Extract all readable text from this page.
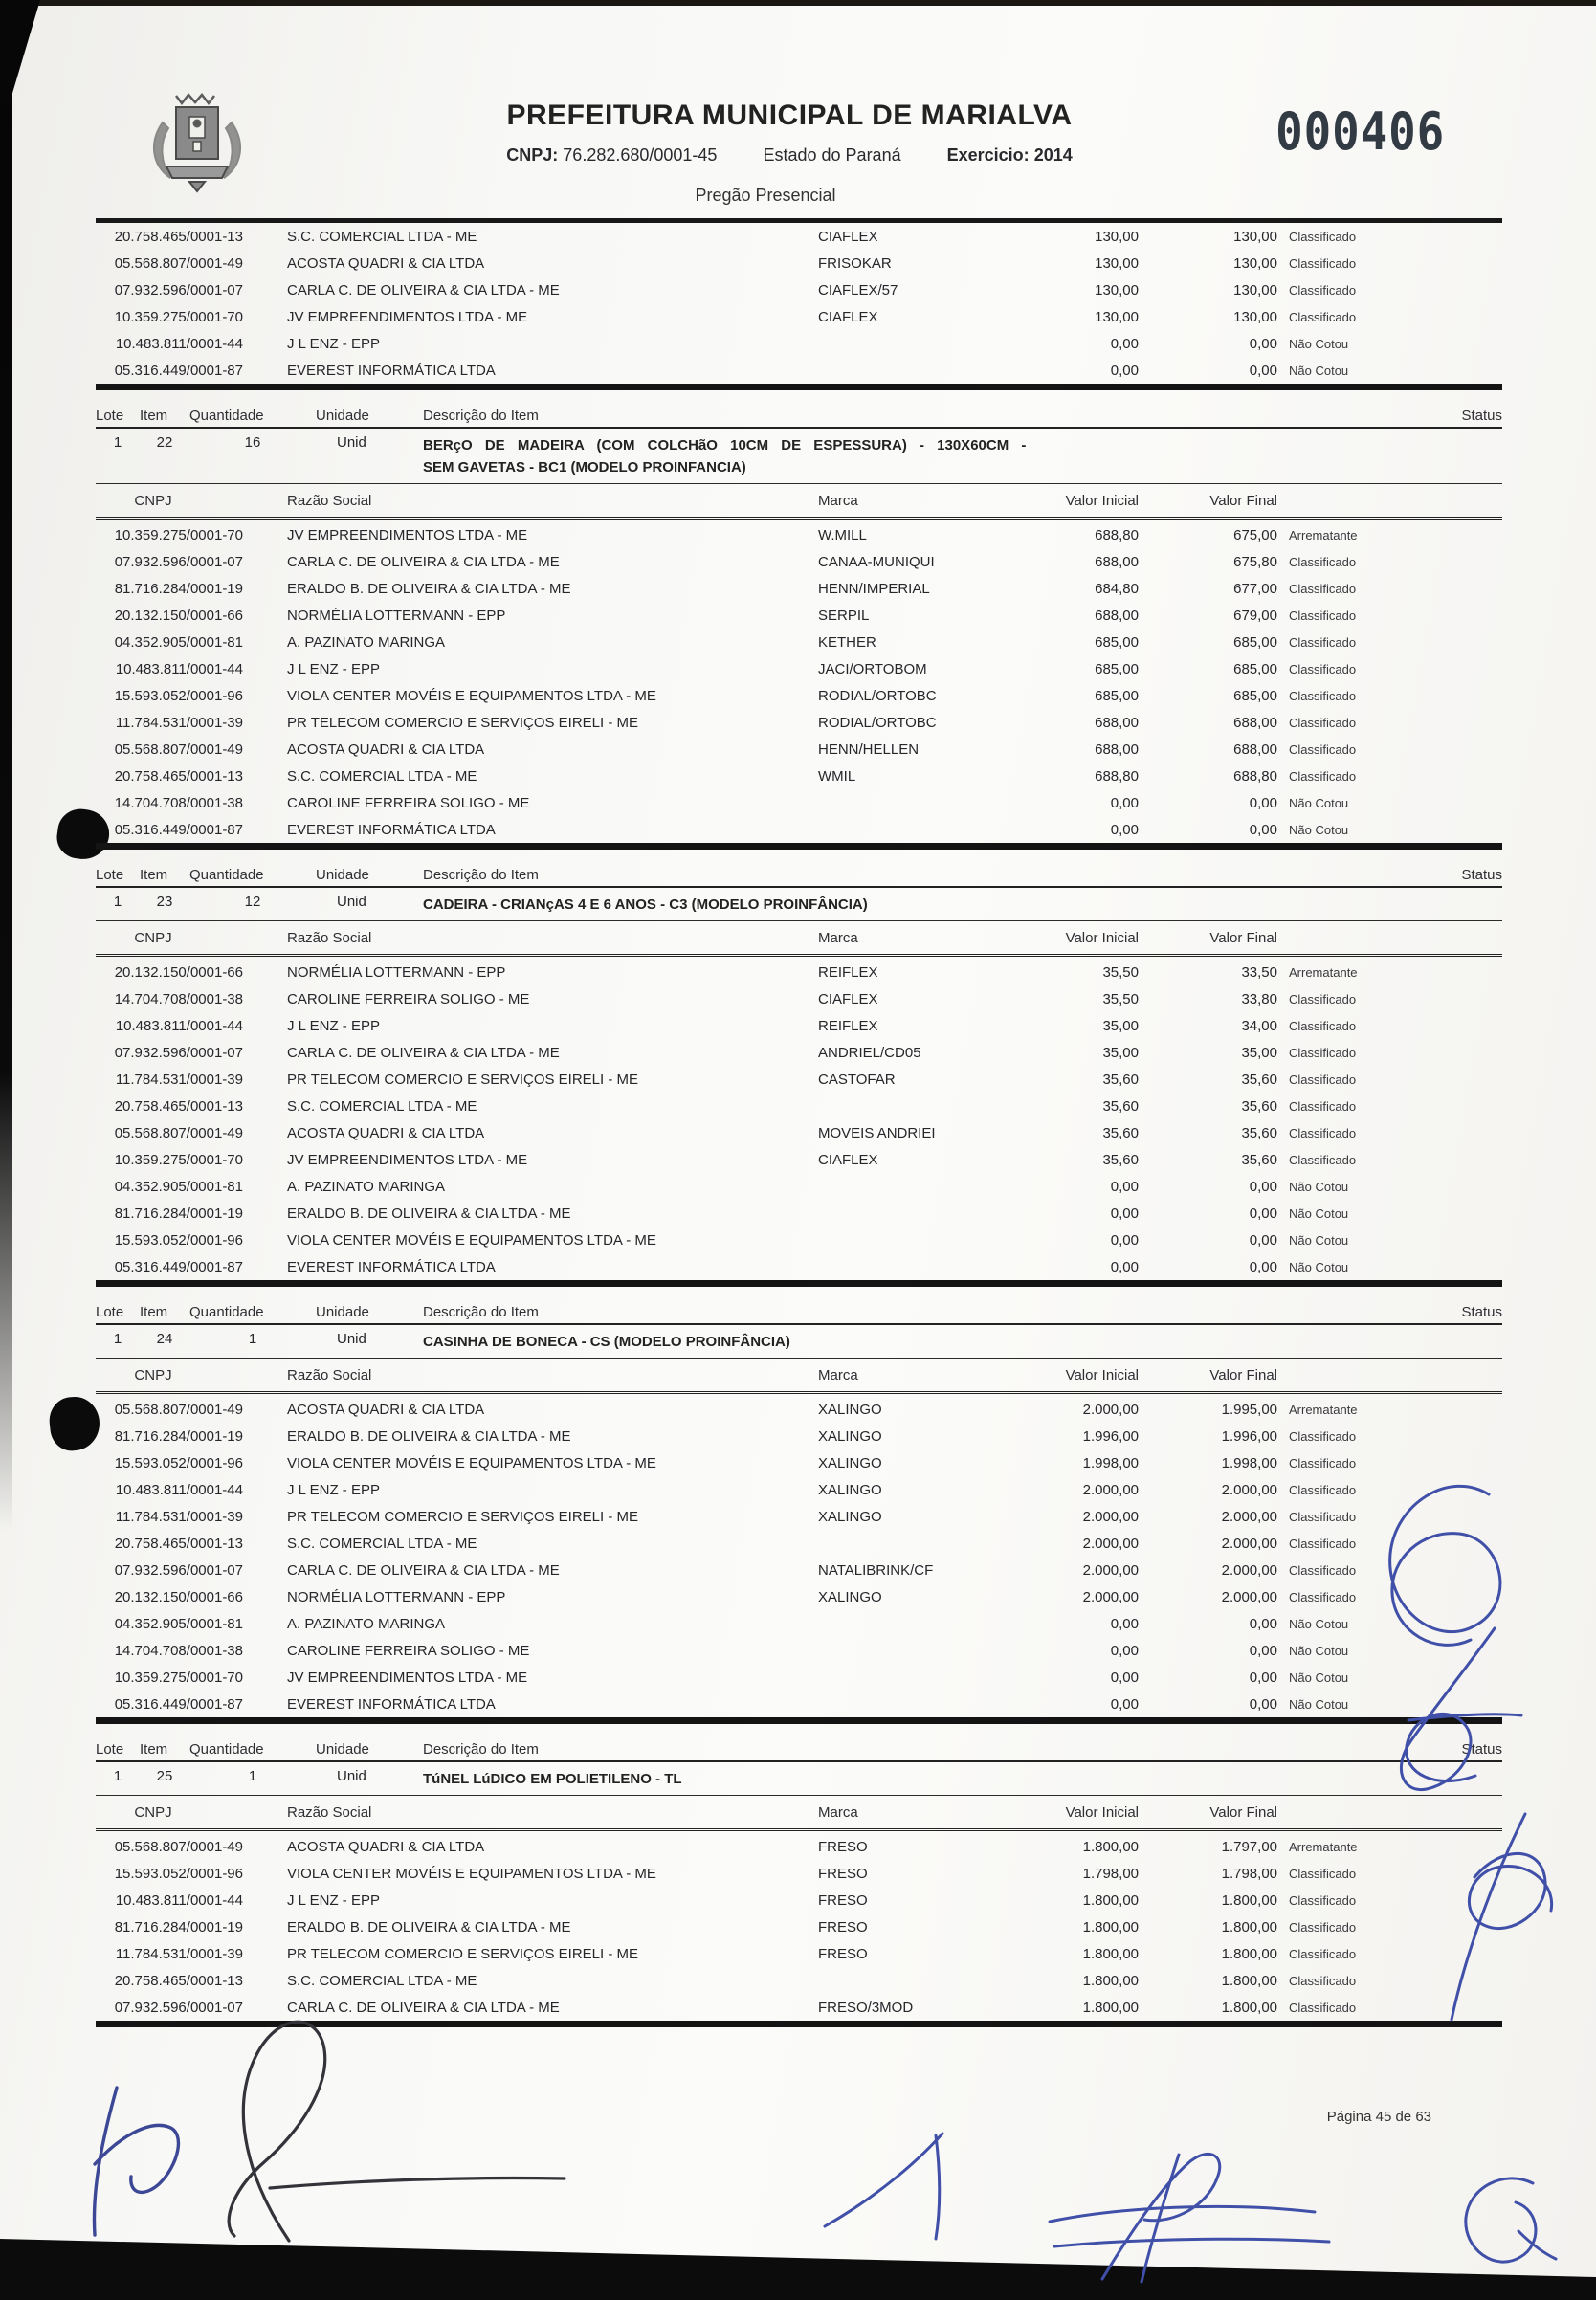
PREFEITURA MUNICIPAL DE MARIALVA
CNPJ: 76.282.680/0001-45	Estado do Paraná	Exercicio: 2014	000406
Pregão Presencial
20.758.465/0001-13	S.C. COMERCIAL LTDA - ME	CIAFLEX	130,00	130,00 Classificado
05.568.807/0001-49	ACOSTA QUADRI & CIA LTDA	FRISOKAR	130,00	130,00 Classificado
07.932.596/0001-07	CARLA C. DE OLIVEIRA & CIA LTDA - ME	CIAFLEX/57	130,00	130,00 Classificado
10.359.275/0001-70	JV EMPREENDIMENTOS LTDA - ME	CIAFLEX	130,00	130,00 Classificado
10.483.811/0001-44	J L ENZ - EPP	0,00	0,00 Não Cotou
05.316.449/0001-87	EVEREST INFORMÁTICA LTDA	0,00	0,00 Não Cotou
Lote	Item	Quantidade	Unidade	Descrição do Item	Status
1	22	16	Unid	BERçO DE MADEIRA (COM COLCHãO 10CM DE ESPESSURA) - 130X60CM -
SEM GAVETAS - BC1 (MODELO PROINFANCIA)
CNPJ	Razão Social	Marca	Valor Inicial	Valor Final
10.359.275/0001-70	JV EMPREENDIMENTOS LTDA - ME	W.MILL	688,80	675,00 Arrematante
07.932.596/0001-07	CARLA C. DE OLIVEIRA & CIA LTDA - ME	CANAA-MUNIQUI	688,00	675,80 Classificado
81.716.284/0001-19	ERALDO B. DE OLIVEIRA & CIA LTDA - ME	HENN/IMPERIAL	684,80	677,00 Classificado
20.132.150/0001-66	NORMÉLIA LOTTERMANN - EPP	SERPIL	688,00	679,00 Classificado
04.352.905/0001-81	A. PAZINATO MARINGA	KETHER	685,00	685,00 Classificado
10.483.811/0001-44	J L ENZ - EPP	JACI/ORTOBOM	685,00	685,00 Classificado
15.593.052/0001-96	VIOLA CENTER MOVÉIS E EQUIPAMENTOS LTDA - ME	RODIAL/ORTOBC	685,00	685,00 Classificado
11.784.531/0001-39	PR TELECOM COMERCIO E SERVIÇOS EIRELI - ME	RODIAL/ORTOBC	688,00	688,00 Classificado
05.568.807/0001-49	ACOSTA QUADRI & CIA LTDA	HENN/HELLEN	688,00	688,00 Classificado
20.758.465/0001-13	S.C. COMERCIAL LTDA - ME	WMIL	688,80	688,80 Classificado
14.704.708/0001-38	CAROLINE FERREIRA SOLIGO - ME	0,00	0,00 Não Cotou
05.316.449/0001-87	EVEREST INFORMÁTICA LTDA	0,00	0,00 Não Cotou
Lote	Item	Quantidade	Unidade	Descrição do Item	Status
1	23	12	Unid	CADEIRA - CRIANçAS 4 E 6 ANOS - C3 (MODELO PROINFÂNCIA)
CNPJ	Razão Social	Marca	Valor Inicial	Valor Final
20.132.150/0001-66	NORMÉLIA LOTTERMANN - EPP	REIFLEX	35,50	33,50 Arrematante
14.704.708/0001-38	CAROLINE FERREIRA SOLIGO - ME	CIAFLEX	35,50	33,80 Classificado
10.483.811/0001-44	J L ENZ - EPP	REIFLEX	35,00	34,00 Classificado
07.932.596/0001-07	CARLA C. DE OLIVEIRA & CIA LTDA - ME	ANDRIEL/CD05	35,00	35,00 Classificado
11.784.531/0001-39	PR TELECOM COMERCIO E SERVIÇOS EIRELI - ME	CASTOFAR	35,60	35,60 Classificado
20.758.465/0001-13	S.C. COMERCIAL LTDA - ME	35,60	35,60 Classificado
05.568.807/0001-49	ACOSTA QUADRI & CIA LTDA	MOVEIS ANDRIEI	35,60	35,60 Classificado
10.359.275/0001-70	JV EMPREENDIMENTOS LTDA - ME	CIAFLEX	35,60	35,60 Classificado
04.352.905/0001-81	A. PAZINATO MARINGA	0,00	0,00 Não Cotou
81.716.284/0001-19	ERALDO B. DE OLIVEIRA & CIA LTDA - ME	0,00	0,00 Não Cotou
15.593.052/0001-96	VIOLA CENTER MOVÉIS E EQUIPAMENTOS LTDA - ME	0,00	0,00 Não Cotou
05.316.449/0001-87	EVEREST INFORMÁTICA LTDA	0,00	0,00 Não Cotou
Lote	Item	Quantidade	Unidade	Descrição do Item	Status
1	24	1	Unid	CASINHA DE BONECA - CS (MODELO PROINFÂNCIA)
CNPJ	Razão Social	Marca	Valor Inicial	Valor Final
05.568.807/0001-49	ACOSTA QUADRI & CIA LTDA	XALINGO	2.000,00	1.995,00 Arrematante
81.716.284/0001-19	ERALDO B. DE OLIVEIRA & CIA LTDA - ME	XALINGO	1.996,00	1.996,00 Classificado
15.593.052/0001-96	VIOLA CENTER MOVÉIS E EQUIPAMENTOS LTDA - ME	XALINGO	1.998,00	1.998,00 Classificado
10.483.811/0001-44	J L ENZ - EPP	XALINGO	2.000,00	2.000,00 Classificado
11.784.531/0001-39	PR TELECOM COMERCIO E SERVIÇOS EIRELI - ME	XALINGO	2.000,00	2.000,00 Classificado
20.758.465/0001-13	S.C. COMERCIAL LTDA - ME	2.000,00	2.000,00 Classificado
07.932.596/0001-07	CARLA C. DE OLIVEIRA & CIA LTDA - ME	NATALIBRINK/CF	2.000,00	2.000,00 Classificado
20.132.150/0001-66	NORMÉLIA LOTTERMANN - EPP	XALINGO	2.000,00	2.000,00 Classificado
04.352.905/0001-81	A. PAZINATO MARINGA	0,00	0,00 Não Cotou
14.704.708/0001-38	CAROLINE FERREIRA SOLIGO - ME	0,00	0,00 Não Cotou
10.359.275/0001-70	JV EMPREENDIMENTOS LTDA - ME	0,00	0,00 Não Cotou
05.316.449/0001-87	EVEREST INFORMÁTICA LTDA	0,00	0,00 Não Cotou
Lote	Item	Quantidade	Unidade	Descrição do Item	Status
1	25	1	Unid	TúNEL LúDICO EM POLIETILENO - TL
CNPJ	Razão Social	Marca	Valor Inicial	Valor Final
05.568.807/0001-49	ACOSTA QUADRI & CIA LTDA	FRESO	1.800,00	1.797,00 Arrematante
15.593.052/0001-96	VIOLA CENTER MOVÉIS E EQUIPAMENTOS LTDA - ME	FRESO	1.798,00	1.798,00 Classificado
10.483.811/0001-44	J L ENZ - EPP	FRESO	1.800,00	1.800,00 Classificado
81.716.284/0001-19	ERALDO B. DE OLIVEIRA & CIA LTDA - ME	FRESO	1.800,00	1.800,00 Classificado
11.784.531/0001-39	PR TELECOM COMERCIO E SERVIÇOS EIRELI - ME	FRESO	1.800,00	1.800,00 Classificado
20.758.465/0001-13	S.C. COMERCIAL LTDA - ME	1.800,00	1.800,00 Classificado
07.932.596/0001-07	CARLA C. DE OLIVEIRA & CIA LTDA - ME	FRESO/3MOD	1.800,00	1.800,00 Classificado
Página 45 de 63
